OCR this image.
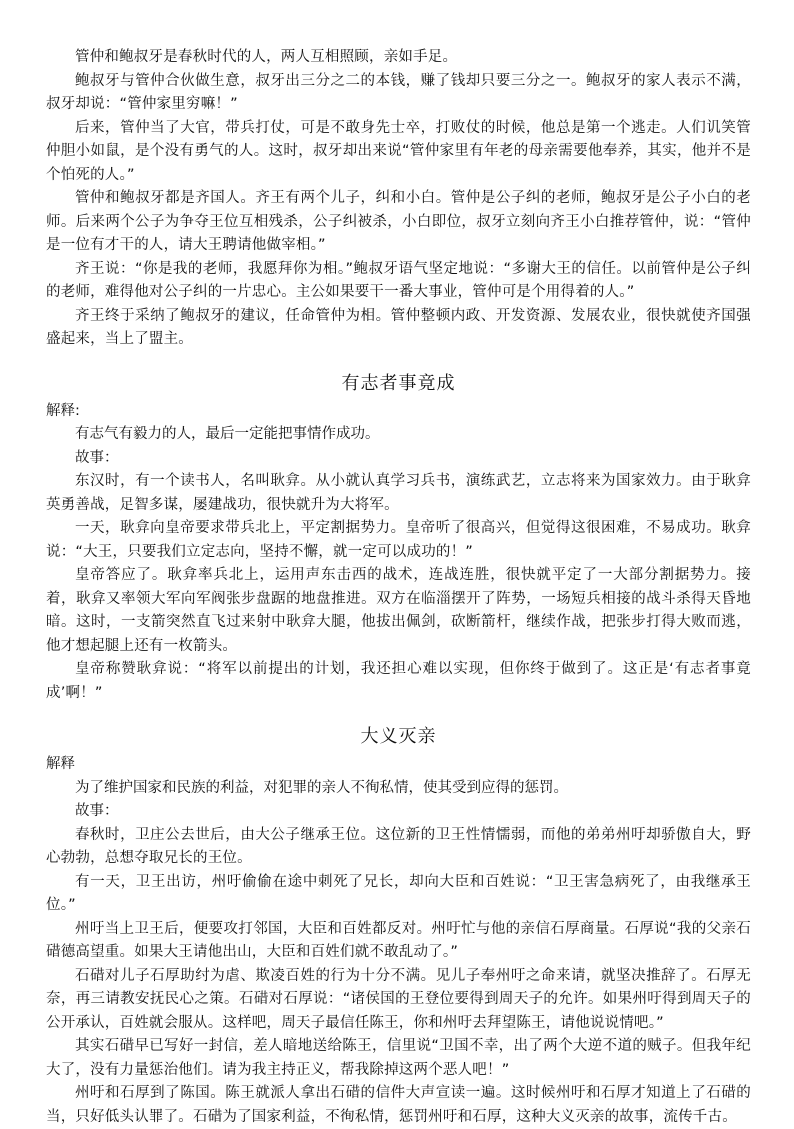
管仲和鲍叔牙是春秋时代的人，两人互相照顾，亲如手足。

鲍叔牙与管仲合伙做生意，叔牙出三分之二的本钱，赚了钱却只要三分之一。鲍叔牙的家人表示不满，叔牙却说：“管仲家里穷嘛！”

后来，管仲当了大官，带兵打仗，可是不敢身先士卒，打败仗的时候，他总是第一个逃走。人们讥笑管仲胆小如鼠，是个没有勇气的人。这时，叔牙却出来说“管仲家里有年老的母亲需要他奉养，其实，他并不是个怕死的人。”

管仲和鲍叔牙都是齐国人。齐王有两个儿子，纠和小白。管仲是公子纠的老师，鲍叔牙是公子小白的老师。后来两个公子为争夺王位互相残杀，公子纠被杀，小白即位，叔牙立刻向齐王小白推荐管仲，说：“管仲是一位有才干的人，请大王聘请他做宰相。”

齐王说：“你是我的老师，我愿拜你为相。”鲍叔牙语气坚定地说：“多谢大王的信任。以前管仲是公子纠的老师，难得他对公子纠的一片忠心。主公如果要干一番大事业，管仲可是个用得着的人。”

齐王终于采纳了鲍叔牙的建议，任命管仲为相。管仲整顿内政、开发资源、发展农业，很快就使齐国强盛起来，当上了盟主。

有志者事竟成

解释:

有志气有毅力的人，最后一定能把事情作成功。

故事：

东汉时，有一个读书人，名叫耿弇。从小就认真学习兵书，演练武艺，立志将来为国家效力。由于耿弇英勇善战，足智多谋，屡建战功，很快就升为大将军。

一天，耿弇向皇帝要求带兵北上，平定割据势力。皇帝听了很高兴，但觉得这很困难，不易成功。耿弇说：“大王，只要我们立定志向，坚持不懈，就一定可以成功的！”

皇帝答应了。耿弇率兵北上，运用声东击西的战术，连战连胜，很快就平定了一大部分割据势力。接着，耿弇又率领大军向军阀张步盘踞的地盘推进。双方在临淄摆开了阵势，一场短兵相接的战斗杀得天昏地暗。这时，一支箭突然直飞过来射中耿弇大腿，他拔出佩剑，砍断箭杆，继续作战，把张步打得大败而逃，他才想起腿上还有一枚箭头。

皇帝称赞耿弇说：“将军以前提出的计划，我还担心难以实现，但你终于做到了。这正是‘有志者事竟成’啊！”

大义灭亲

解释

为了维护国家和民族的利益，对犯罪的亲人不徇私情，使其受到应得的惩罚。

故事：

春秋时，卫庄公去世后，由大公子继承王位。这位新的卫王性情懦弱，而他的弟弟州吁却骄傲自大，野心勃勃，总想夺取兄长的王位。

有一天，卫王出访，州吁偷偷在途中刺死了兄长，却向大臣和百姓说：“卫王害急病死了，由我继承王位。”

州吁当上卫王后，便要攻打邻国，大臣和百姓都反对。州吁忙与他的亲信石厚商量。石厚说“我的父亲石碏德高望重。如果大王请他出山，大臣和百姓们就不敢乱动了。”

石碏对儿子石厚助纣为虐、欺凌百姓的行为十分不满。见儿子奉州吁之命来请，就坚决推辞了。石厚无奈，再三请教安抚民心之策。石碏对石厚说：“诸侯国的王登位要得到周天子的允许。如果州吁得到周天子的公开承认，百姓就会服从。这样吧，周天子最信任陈王，你和州吁去拜望陈王，请他说说情吧。”

其实石碏早已写好一封信，差人暗地送给陈王，信里说“卫国不幸，出了两个大逆不道的贼子。但我年纪大了，没有力量惩治他们。请为我主持正义，帮我除掉这两个恶人吧！”

州吁和石厚到了陈国。陈王就派人拿出石碏的信件大声宣读一遍。这时候州吁和石厚才知道上了石碏的当，只好低头认罪了。石碏为了国家利益，不徇私情，惩罚州吁和石厚，这种大义灭亲的故事，流传千古。
